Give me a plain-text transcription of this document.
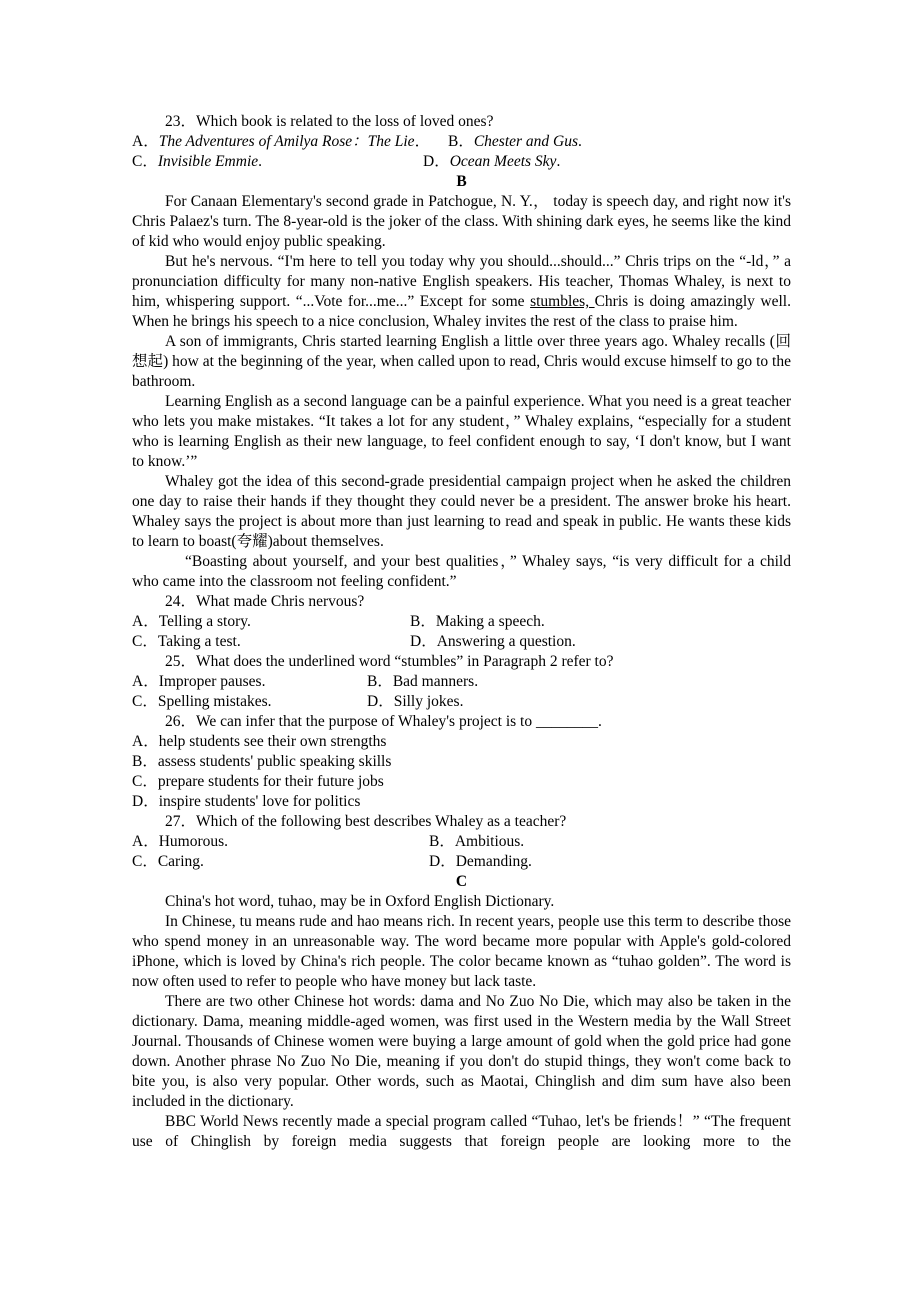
23．Which book is related to the loss of loved ones?
A．The Adventures of Amilya Rose：The Lie．	B．Chester and Gus.
C．Invisible Emmie.	D．Ocean Meets Sky.
B

For Canaan Elementary's second grade in Patchogue, N. Y.， today is speech day, and right now it's Chris Palaez's turn. The 8-year-old is the joker of the class. With shining dark eyes, he seems like the kind of kid who would enjoy public speaking.

But he's nervous. “I'm here to tell you today why you should...should...” Chris trips on the “-ld，” a pronunciation difficulty for many non-native English speakers. His teacher, Thomas Whaley, is next to him, whispering support. “...Vote for...me...” Except for some stumbles, Chris is doing amazingly well. When he brings his speech to a nice conclusion, Whaley invites the rest of the class to praise him.

A son of immigrants, Chris started learning English a little over three years ago. Whaley recalls (回想起) how at the beginning of the year, when called upon to read, Chris would excuse himself to go to the bathroom.

Learning English as a second language can be a painful experience. What you need is a great teacher who lets you make mistakes. “It takes a lot for any student，” Whaley explains, “especially for a student who is learning English as their new language, to feel confident enough to say, ‘I don't know, but I want to know.’”

Whaley got the idea of this second-grade presidential campaign project when he asked the children one day to raise their hands if they thought they could never be a president. The answer broke his heart. Whaley says the project is about more than just learning to read and speak in public. He wants these kids to learn to boast(夸耀)about themselves.

“Boasting about yourself, and your best qualities，” Whaley says, “is very difficult for a child who came into the classroom not feeling confident.”

24．What made Chris nervous?
A．Telling a story.	B．Making a speech.
C．Taking a test.	D．Answering a question.
25．What does the underlined word “stumbles” in Paragraph 2 refer to?
A．Improper pauses.	B．Bad manners.
C．Spelling mistakes.	D．Silly jokes.
26．We can infer that the purpose of Whaley's project is to ________.
A．help students see their own strengths
B．assess students' public speaking skills
C．prepare students for their future jobs
D．inspire students' love for politics
27．Which of the following best describes Whaley as a teacher?
A．Humorous.	B．Ambitious.
C．Caring.	D．Demanding.
C

China's hot word, tuhao, may be in Oxford English Dictionary.

In Chinese, tu means rude and hao means rich. In recent years, people use this term to describe those who spend money in an unreasonable way. The word became more popular with Apple's gold-colored iPhone, which is loved by China's rich people. The color became known as “tuhao golden”. The word is now often used to refer to people who have money but lack taste.

There are two other Chinese hot words: dama and No Zuo No Die, which may also be taken in the dictionary. Dama, meaning middle-aged women, was first used in the Western media by the Wall Street Journal. Thousands of Chinese women were buying a large amount of gold when the gold price had gone down. Another phrase No Zuo No Die, meaning if you don't do stupid things, they won't come back to bite you, is also very popular. Other words, such as Maotai, Chinglish and dim sum have also been included in the dictionary.

BBC World News recently made a special program called “Tuhao, let's be friends！” “The frequent use of Chinglish by foreign media suggests that foreign people are looking more to the
